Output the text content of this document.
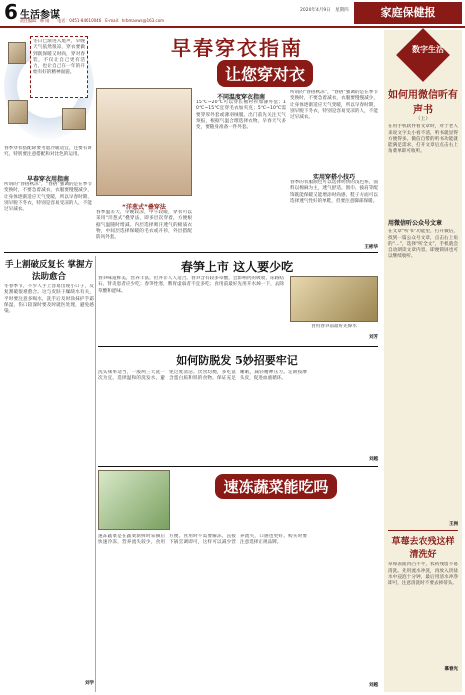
6 生活参谋
责任编辑：韩 刚　　电话：0451-84610046　E-mail：hrbmaxws@163.com
2020年4月9日　星期四	家庭保健报
早春穿衣指南
让您穿对衣
冬日已渐进入尾声，早晚天气依然很凉，穿衣要做到既保暖又时尚，穿对春装，不仅让自己更有活力，也让自己在一年的开始有好的精神面貌。
春季穿衣搭配除要考虑冷暖适宜，还要有讲究，特别要注意搭配和对比色的运用。
早春穿衣用指南
所谓的“春捂秋冻”，“春捂”强调的是在季节变换时，不要急着减衣，衣服要慢慢减少，让身体逐渐适应天气变暖，所以早春时期，别早脱下冬衣，特别是容易受凉的人，不能过早减衣。	“洋葱式”叠穿法
春季温差大，早晚较凉，中午较暖，穿衣可以采用“洋葱式”叠穿法，即多层次穿着，方便根据气温随时增减。内层选择吸汗透气的棉质衣物，中间层选择保暖的毛衣或开衫，外层搭配防风外套。
不同温度穿衣指南
15℃~20℃可以穿长袖衬衫加薄外套；10℃~15℃宜穿毛衣加夹克；5℃~10℃需要穿厚外套或薄羽绒服。出门前先关注天气预报，根据气温合理选择衣物。早春天气多变，要随身准备一件外套。
实用穿搭小技巧
所谓的“春捂秋冻”，“春捂”强调的是在季节变换时，不要急着减衣，衣服要慢慢减少，让身体逐渐适应天气变暖，所以早春时期，别早脱下冬衣，特别是容易受凉的人，不能过早减衣。
春季的衣服颜色可以选择明快的浅色系，面料以棉麻为主，透气舒适。围巾、披肩等配饰既能保暖又能增添时尚感，鞋子方面可以选择透气性好的单鞋，但要注意脚部保暖。
王彬华
手上割破反复长 掌握方法助愈合
冬春季节，不少人手上容易出现小口子，反复割破很难愈合。这与皮肤干燥缺水有关，平时要注意多喝水，洗手后及时涂抹护手霜保湿，伤口较深时要及时就医处理，避免感染。
刘学
春笋上市 这人要少吃
春笋味道鲜美，营养丰富，但并非人人适合。春笋含有较多草酸，会影响钙的吸收，尿路结石、肾炎患者应少吃；春笋性寒，脾胃虚弱者不宜多吃；食用前最好先用开水焯一下，去除草酸和涩味。
食用春笋前最好先焯水
刘芳
如何防脱发 5妙招要牢记
洗头频率适当，一般两三天洗一次为宜。选择温和的洗发水，避免过度清洁。饮食均衡，多吃富含蛋白质和铁的食物。保证充足睡眠，减轻精神压力。定期按摩头皮，促进血液循环。
刘越
速冻蔬菜能吃吗
速冻蔬菜是在蔬菜新鲜时采摘后快速冷冻，营养流失较少，食用方便。食用时不需要解冻，直接下锅烹调即可，这样可以减少营养流失，口感也更好。购买时要注意选择正规品牌。
刘越
数字生活
如何用微信听有声书
（上）
在用手机软件看文章时，对于老人来说文字太小看不清，听书就显得方便得多。微信自带的听书功能就能满足需求，打开文章后点击右上角菜单即可收听。
用微信听公众号文章
在文章“听书”功能里，打开微信，找到一篇公众号文章，点击右上角的“…”，选择“听全文”，手机就会自动朗读文章内容，即便锁屏也可以继续收听。
王洲
草莓去农残这样清洗好
草莓表面凹凸不平，农药残留不易清洗。先用流水冲洗，再放入淡盐水中浸泡十分钟，最后用清水冲净即可，注意清洗时不要去掉蒂头。
慕春光
